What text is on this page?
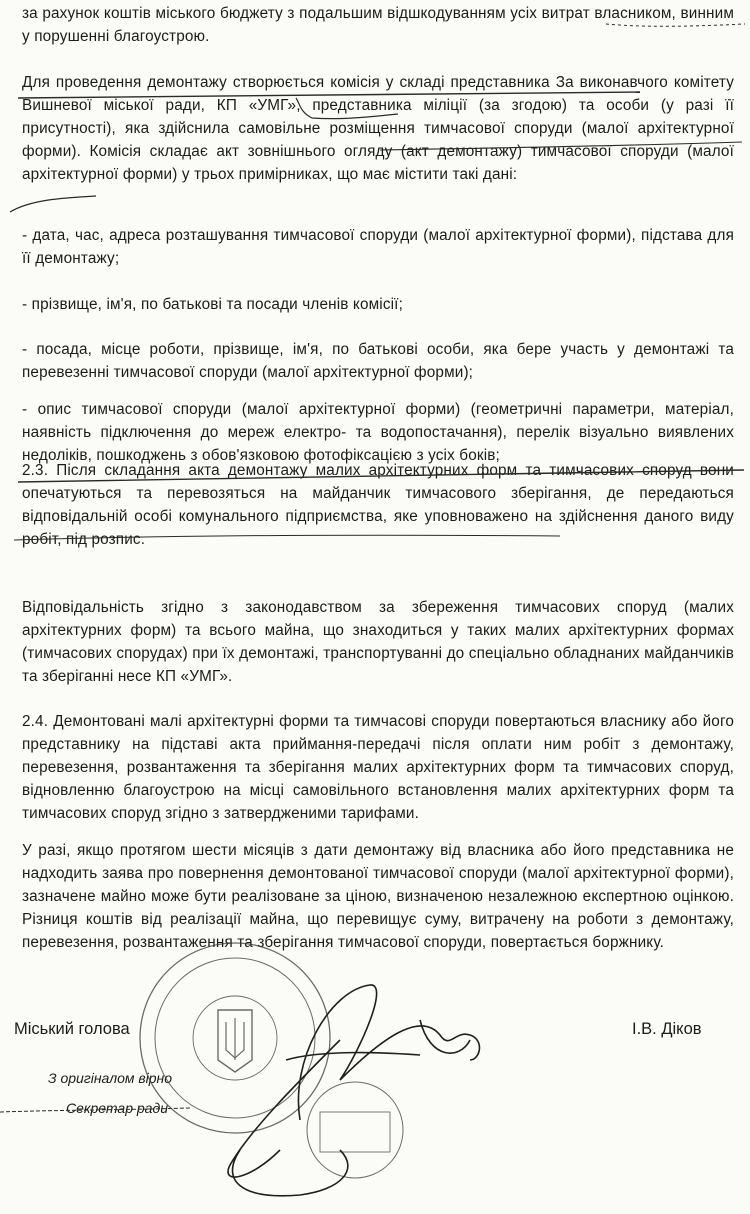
за рахунок коштів міського бюджету з подальшим відшкодуванням усіх витрат власником, винним у порушенні благоустрою.

Для проведення демонтажу створюється комісія у складі представника Зa виконавчого комітету Вишневої міської ради, КП «УМГ», представника міліції (за згодою) та особи (у разі її присутності), яка здійснила самовільне розміщення тимчасової споруди (малої архітектурної форми). Комісія складає акт зовнішнього огляду (акт демонтажу) тимчасової споруди (малої архітектурної форми) у трьох примірниках, що має містити такі дані:

- дата, час, адреса розташування тимчасової споруди (малої архітектурної форми), підстава для її демонтажу;

- прізвище, ім'я, по батькові та посади членів комісії;

- посада, місце роботи, прізвище, ім'я, по батькові особи, яка бере участь у демонтажі та перевезенні тимчасової споруди (малої архітектурної форми);

- опис тимчасової споруди (малої архітектурної форми) (геометричні параметри, матеріал, наявність підключення до мереж електро- та водопостачання), перелік візуально виявлених недоліків, пошкоджень з обов'язковою фотофіксацією з усіх боків;

2.3. Після складання акта демонтажу малих архітектурних форм та тимчасових споруд вони опечатуються та перевозяться на майданчик тимчасового зберігання, де передаються відповідальній особі комунального підприємства, яке уповноважено на здійснення даного виду робіт, під розпис.

Відповідальність згідно з законодавством за збереження тимчасових споруд (малих архітектурних форм) та всього майна, що знаходиться у таких малих архітектурних формах (тимчасових спорудах) при їх демонтажі, транспортуванні до спеціально обладнаних майданчиків та зберіганні несе КП «УМГ».

2.4. Демонтовані малі архітектурні форми та тимчасові споруди повертаються власнику або його представнику на підставі акта приймання-передачі після оплати ним робіт з демонтажу, перевезення, розвантаження та зберігання малих архітектурних форм та тимчасових споруд, відновленню благоустрою на місці самовільного встановлення малих архітектурних форм та тимчасових споруд згідно з затвердженими тарифами.

У разі, якщо протягом шести місяців з дати демонтажу від власника або його представника не надходить заява про повернення демонтованої тимчасової споруди (малої архітектурної форми), зазначене майно може бути реалізоване за ціною, визначеною незалежною експертною оцінкою. Різниця коштів від реалізації майна, що перевищує суму, витрачену на роботи з демонтажу, перевезення, розвантаження та зберігання тимчасової споруди, повертається боржнику.

Міський голова	І.В. Діков
З оригіналом вірно
Секретар ради
